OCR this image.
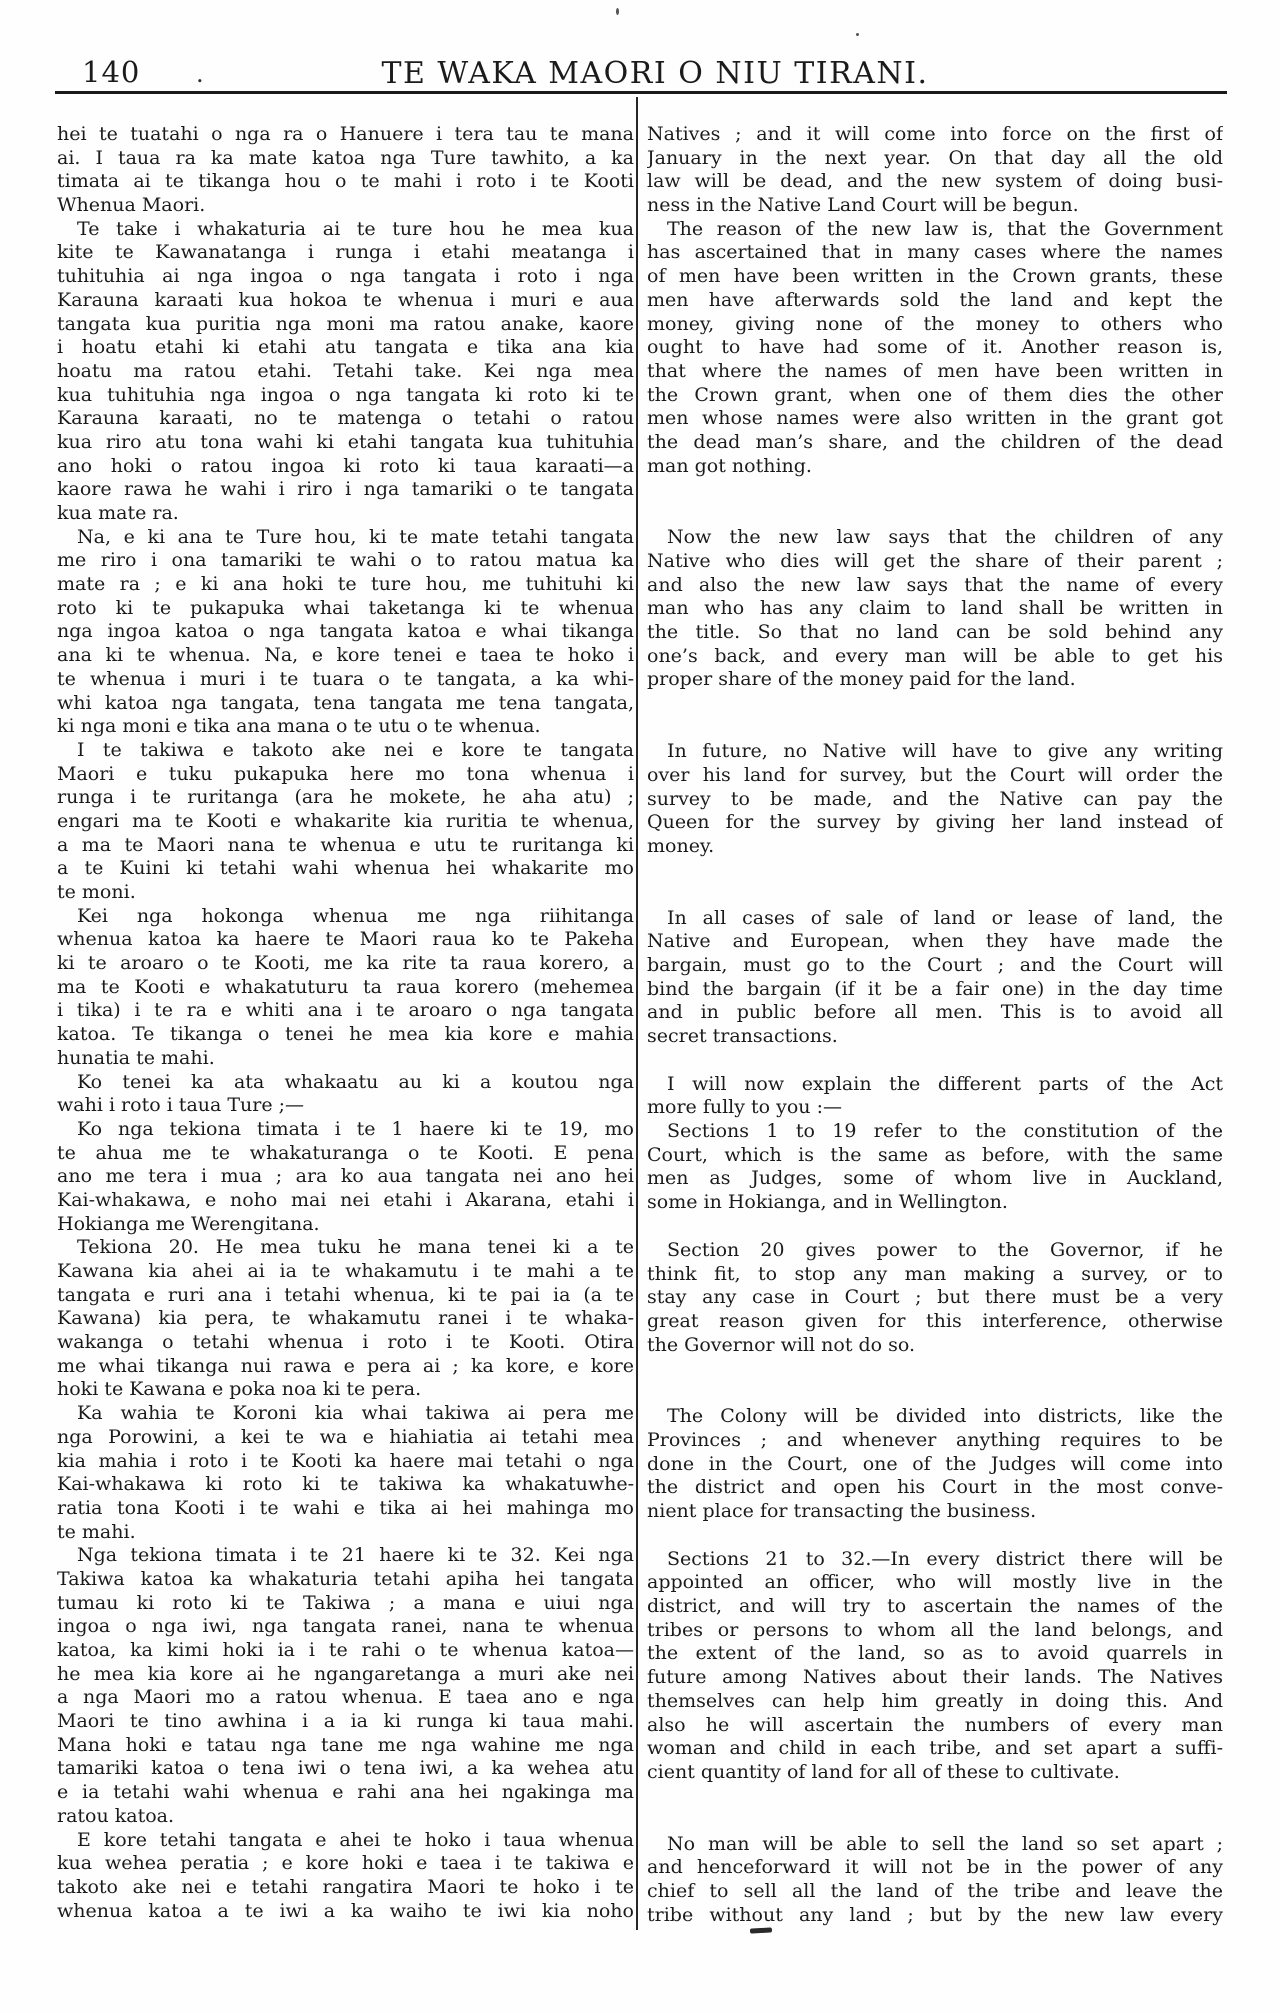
140 .	TE WAKA MAORI O NIU TIRANI.
hei te tuatahi o nga ra o Hanuere i tera tau te mana
ai. I taua ra ka mate katoa nga Ture tawhito, a ka
timata ai te tikanga hou o te mahi i roto i te Kooti
Whenua Maori.
Te take i whakaturia ai te ture hou he mea kua
kite te Kawanatanga i runga i etahi meatanga i
tuhituhia ai nga ingoa o nga tangata i roto i nga
Karauna karaati kua hokoa te whenua i muri e aua
tangata kua puritia nga moni ma ratou anake, kaore
i hoatu etahi ki etahi atu tangata e tika ana kia
hoatu ma ratou etahi. Tetahi take. Kei nga mea
kua tuhituhia nga ingoa o nga tangata ki roto ki te
Karauna karaati, no te matenga o tetahi o ratou
kua riro atu tona wahi ki etahi tangata kua tuhituhia
ano hoki o ratou ingoa ki roto ki taua karaati—a
kaore rawa he wahi i riro i nga tamariki o te tangata
kua mate ra.
Na, e ki ana te Ture hou, ki te mate tetahi tangata
me riro i ona tamariki te wahi o to ratou matua ka
mate ra ; e ki ana hoki te ture hou, me tuhituhi ki
roto ki te pukapuka whai taketanga ki te whenua
nga ingoa katoa o nga tangata katoa e whai tikanga
ana ki te whenua. Na, e kore tenei e taea te hoko i
te whenua i muri i te tuara o te tangata, a ka whi-
whi katoa nga tangata, tena tangata me tena tangata,
ki nga moni e tika ana mana o te utu o te whenua.
I te takiwa e takoto ake nei e kore te tangata
Maori e tuku pukapuka here mo tona whenua i
runga i te ruritanga (ara he mokete, he aha atu) ;
engari ma te Kooti e whakarite kia ruritia te whenua,
a ma te Maori nana te whenua e utu te ruritanga ki
a te Kuini ki tetahi wahi whenua hei whakarite mo
te moni.
Kei nga hokonga whenua me nga riihitanga
whenua katoa ka haere te Maori raua ko te Pakeha
ki te aroaro o te Kooti, me ka rite ta raua korero, a
ma te Kooti e whakatuturu ta raua korero (mehemea
i tika) i te ra e whiti ana i te aroaro o nga tangata
katoa. Te tikanga o tenei he mea kia kore e mahia
hunatia te mahi.
Ko tenei ka ata whakaatu au ki a koutou nga
wahi i roto i taua Ture ;—
Ko nga tekiona timata i te 1 haere ki te 19, mo
te ahua me te whakaturanga o te Kooti. E pena
ano me tera i mua ; ara ko aua tangata nei ano hei
Kai-whakawa, e noho mai nei etahi i Akarana, etahi i
Hokianga me Werengitana.
Tekiona 20. He mea tuku he mana tenei ki a te
Kawana kia ahei ai ia te whakamutu i te mahi a te
tangata e ruri ana i tetahi whenua, ki te pai ia (a te
Kawana) kia pera, te whakamutu ranei i te whaka-
wakanga o tetahi whenua i roto i te Kooti. Otira
me whai tikanga nui rawa e pera ai ; ka kore, e kore
hoki te Kawana e poka noa ki te pera.
Ka wahia te Koroni kia whai takiwa ai pera me
nga Porowini, a kei te wa e hiahiatia ai tetahi mea
kia mahia i roto i te Kooti ka haere mai tetahi o nga
Kai-whakawa ki roto ki te takiwa ka whakatuwhe-
ratia tona Kooti i te wahi e tika ai hei mahinga mo
te mahi.
Nga tekiona timata i te 21 haere ki te 32. Kei nga
Takiwa katoa ka whakaturia tetahi apiha hei tangata
tumau ki roto ki te Takiwa ; a mana e uiui nga
ingoa o nga iwi, nga tangata ranei, nana te whenua
katoa, ka kimi hoki ia i te rahi o te whenua katoa—
he mea kia kore ai he ngangaretanga a muri ake nei
a nga Maori mo a ratou whenua. E taea ano e nga
Maori te tino awhina i a ia ki runga ki taua mahi.
Mana hoki e tatau nga tane me nga wahine me nga
tamariki katoa o tena iwi o tena iwi, a ka wehea atu
e ia tetahi wahi whenua e rahi ana hei ngakinga ma
ratou katoa.
E kore tetahi tangata e ahei te hoko i taua whenua
kua wehea peratia ; e kore hoki e taea i te takiwa e
takoto ake nei e tetahi rangatira Maori te hoko i te
whenua katoa a te iwi a ka waiho te iwi kia noho
Natives ; and it will come into force on the first of
January in the next year. On that day all the old
law will be dead, and the new system of doing busi-
ness in the Native Land Court will be begun.
The reason of the new law is, that the Government
has ascertained that in many cases where the names
of men have been written in the Crown grants, these
men have afterwards sold the land and kept the
money, giving none of the money to others who
ought to have had some of it. Another reason is,
that where the names of men have been written in
the Crown grant, when one of them dies the other
men whose names were also written in the grant got
the dead man’s share, and the children of the dead
man got nothing.
Now the new law says that the children of any
Native who dies will get the share of their parent ;
and also the new law says that the name of every
man who has any claim to land shall be written in
the title. So that no land can be sold behind any
one’s back, and every man will be able to get his
proper share of the money paid for the land.
In future, no Native will have to give any writing
over his land for survey, but the Court will order the
survey to be made, and the Native can pay the
Queen for the survey by giving her land instead of
money.
In all cases of sale of land or lease of land, the
Native and European, when they have made the
bargain, must go to the Court ; and the Court will
bind the bargain (if it be a fair one) in the day time
and in public before all men. This is to avoid all
secret transactions.
I will now explain the different parts of the Act
more fully to you :—
Sections 1 to 19 refer to the constitution of the
Court, which is the same as before, with the same
men as Judges, some of whom live in Auckland,
some in Hokianga, and in Wellington.
Section 20 gives power to the Governor, if he
think fit, to stop any man making a survey, or to
stay any case in Court ; but there must be a very
great reason given for this interference, otherwise
the Governor will not do so.
The Colony will be divided into districts, like the
Provinces ; and whenever anything requires to be
done in the Court, one of the Judges will come into
the district and open his Court in the most conve-
nient place for transacting the business.
Sections 21 to 32.—In every district there will be
appointed an officer, who will mostly live in the
district, and will try to ascertain the names of the
tribes or persons to whom all the land belongs, and
the extent of the land, so as to avoid quarrels in
future among Natives about their lands. The Natives
themselves can help him greatly in doing this. And
also he will ascertain the numbers of every man
woman and child in each tribe, and set apart a suffi-
cient quantity of land for all of these to cultivate.
No man will be able to sell the land so set apart ;
and henceforward it will not be in the power of any
chief to sell all the land of the tribe and leave the
tribe without any land ; but by the new law every
